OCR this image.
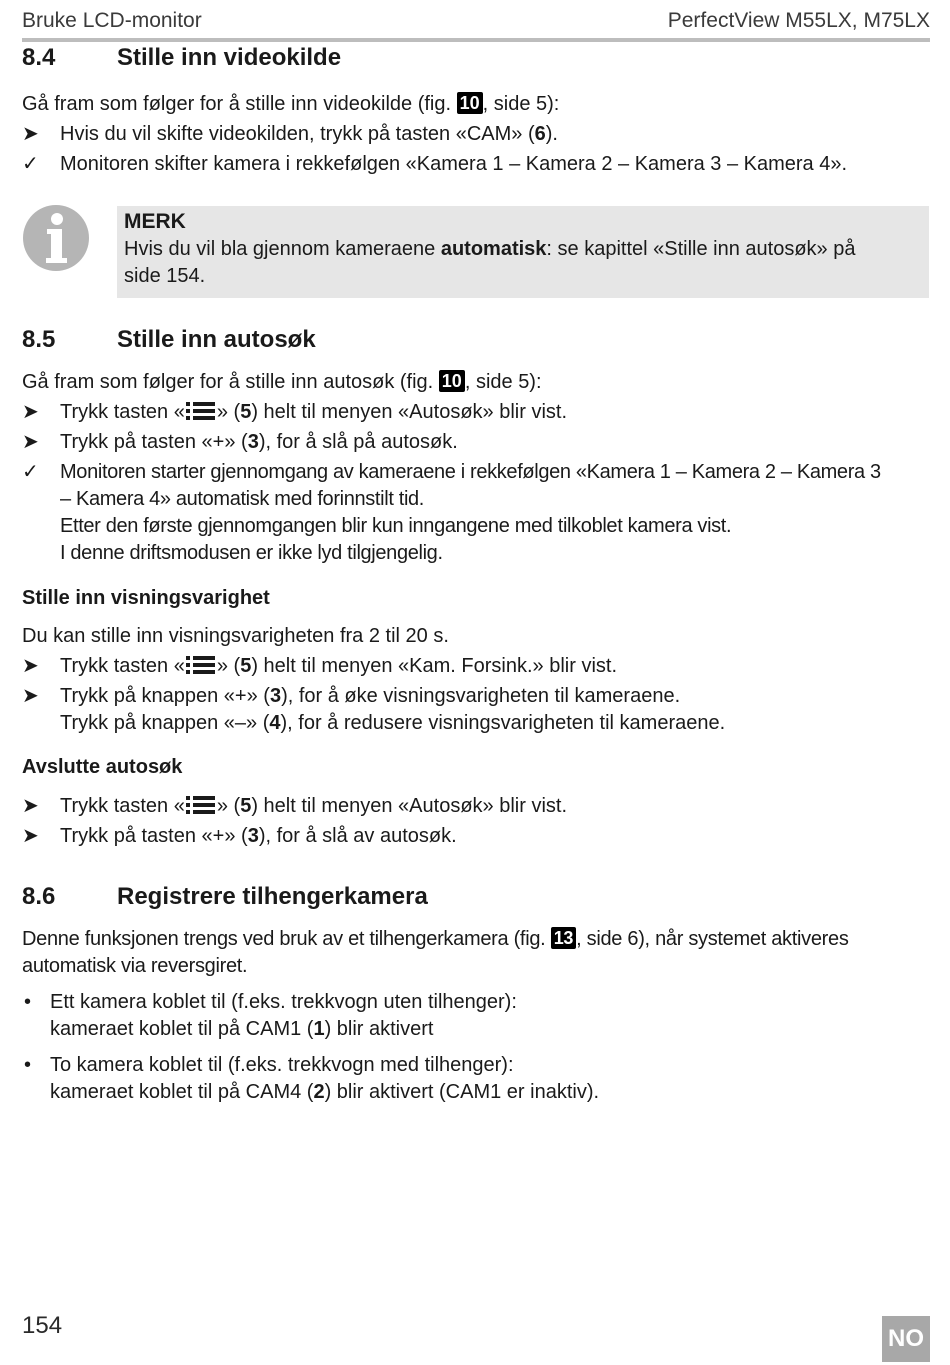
Bruke LCD-monitor	PerfectView M55LX, M75LX
8.4	Stille inn videokilde
Gå fram som følger for å stille inn videokilde (fig. 10 , side 5):
➤	Hvis du vil skifte videokilden, trykk på tasten «CAM» (6).
✓	Monitoren skifter kamera i rekkefølgen «Kamera 1 – Kamera 2 – Kamera 3 – Kamera 4».
MERK
Hvis du vil bla gjennom kameraene automatisk: se kapittel «Stille inn autosøk» på
side 154.
8.5	Stille inn autosøk
Gå fram som følger for å stille inn autosøk (fig. 10 , side 5):
➤	Trykk tasten « » (5) helt til menyen «Autosøk» blir vist.
➤	Trykk på tasten «+» (3), for å slå på autosøk.
✓	Monitoren starter gjennomgang av kameraene i rekkefølgen «Kamera 1 – Kamera 2 – Kamera 3
– Kamera 4» automatisk med forinnstilt tid.
Etter den første gjennomgangen blir kun inngangene med tilkoblet kamera vist.
I denne driftsmodusen er ikke lyd tilgjengelig.
Stille inn visningsvarighet
Du kan stille inn visningsvarigheten fra 2 til 20 s.
➤	Trykk tasten « » (5) helt til menyen «Kam. Forsink.» blir vist.
➤	Trykk på knappen «+» (3), for å øke visningsvarigheten til kameraene.
Trykk på knappen «–» (4), for å redusere visningsvarigheten til kameraene.
Avslutte autosøk
➤	Trykk tasten « » (5) helt til menyen «Autosøk» blir vist.
➤	Trykk på tasten «+» (3), for å slå av autosøk.
8.6	Registrere tilhengerkamera
Denne funksjonen trengs ved bruk av et tilhengerkamera (fig. 13 , side 6), når systemet aktiveres
automatisk via reversgiret.
• Ett kamera koblet til (f.eks. trekkvogn uten tilhenger):
kameraet koblet til på CAM1 (1) blir aktivert
• To kamera koblet til (f.eks. trekkvogn med tilhenger):
kameraet koblet til på CAM4 (2) blir aktivert (CAM1 er inaktiv).
154	NO
